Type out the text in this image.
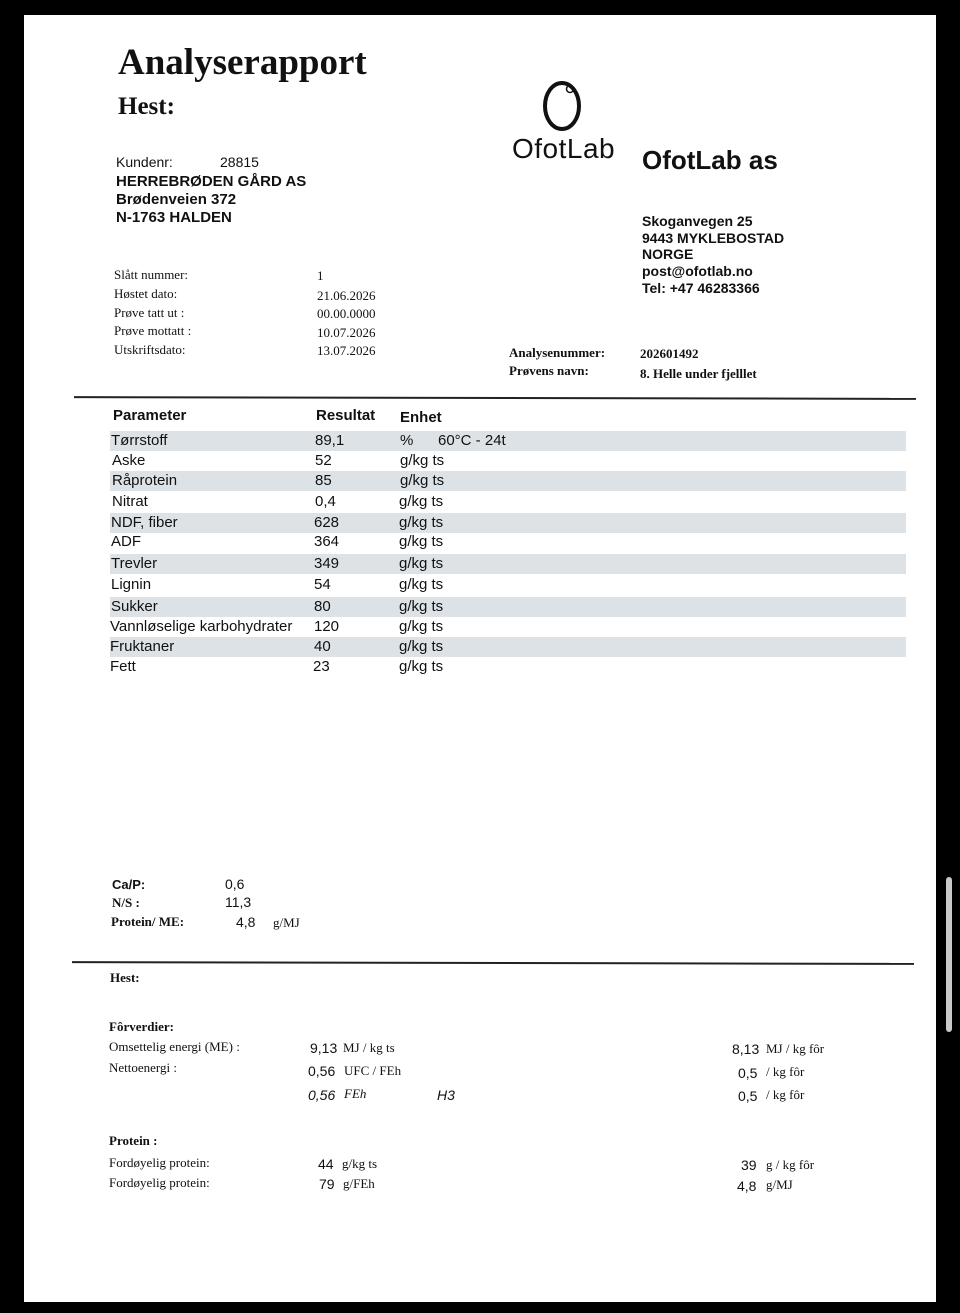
Analyserapport
Hest:
OfotLab OfotLab as
Skoganvegen 25
9443 MYKLEBOSTAD
NORGE
post@ofotlab.no
Tel: +47 46283366
Kundenr:	28815
HERREBRØDEN GÅRD AS
Brødenveien 372
N-1763 HALDEN
Slått nummer:	1
Høstet dato:	21.06.2026
Prøve tatt ut :	00.00.0000
Prøve mottatt :	10.07.2026
Utskriftsdato:	13.07.2026	Analysenummer:	202601492
Prøvens navn:	8. Helle under fjelllet
Parameter	Resultat Enhet
Tørrstoff	89,1	% 60°C - 24t
Aske	52	g/kg ts
Råprotein	85	g/kg ts
Nitrat	0,4	g/kg ts
NDF, fiber	628	g/kg ts
ADF	364	g/kg ts
Trevler	349	g/kg ts
Lignin	54	g/kg ts
Sukker	80	g/kg ts
Vannløselige karbohydrater 120	g/kg ts
Fruktaner	40	g/kg ts
Fett	23	g/kg ts
Ca/P:	0,6
N/S :	11,3
Protein/ ME:	4,8 g/MJ
Hest:
Fôrverdier:
Omsettelig energi (ME) :	9,13 MJ / kg ts	8,13 MJ / kg fôr
Nettoenergi :	0,56 UFC / FEh	0,5 / kg fôr
0,56 FEh	H3	0,5 / kg fôr
Protein :
Fordøyelig protein:	44 g/kg ts	39 g / kg fôr
Fordøyelig protein:	79 g/FEh	4,8 g/MJ
